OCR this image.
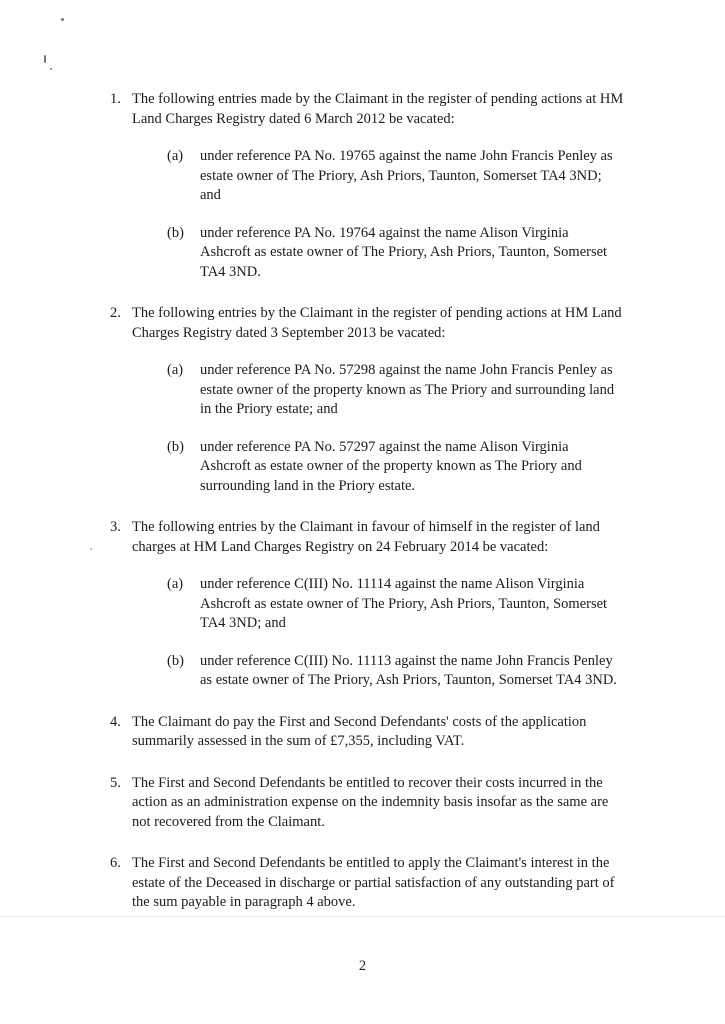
1. The following entries made by the Claimant in the register of pending actions at HM Land Charges Registry dated 6 March 2012 be vacated:
(a)	under reference PA No. 19765 against the name John Francis Penley as estate owner of The Priory, Ash Priors, Taunton, Somerset TA4 3ND; and
(b)	under reference PA No. 19764 against the name Alison Virginia Ashcroft as estate owner of The Priory, Ash Priors, Taunton, Somerset TA4 3ND.
2. The following entries by the Claimant in the register of pending actions at HM Land Charges Registry dated 3 September 2013 be vacated:
(a)	under reference PA No. 57298 against the name John Francis Penley as estate owner of the property known as The Priory and surrounding land in the Priory estate; and
(b)	under reference PA No. 57297 against the name Alison Virginia Ashcroft as estate owner of the property known as The Priory and surrounding land in the Priory estate.
3. The following entries by the Claimant in favour of himself in the register of land charges at HM Land Charges Registry on 24 February 2014 be vacated:
(a)	under reference C(III) No. 11114 against the name Alison Virginia Ashcroft as estate owner of The Priory, Ash Priors, Taunton, Somerset TA4 3ND; and
(b)	under reference C(III) No. 11113 against the name John Francis Penley as estate owner of The Priory, Ash Priors, Taunton, Somerset TA4 3ND.
4. The Claimant do pay the First and Second Defendants' costs of the application summarily assessed in the sum of £7,355, including VAT.
5. The First and Second Defendants be entitled to recover their costs incurred in the action as an administration expense on the indemnity basis insofar as the same are not recovered from the Claimant.
6. The First and Second Defendants be entitled to apply the Claimant's interest in the estate of the Deceased in discharge or partial satisfaction of any outstanding part of the sum payable in paragraph 4 above.
2
